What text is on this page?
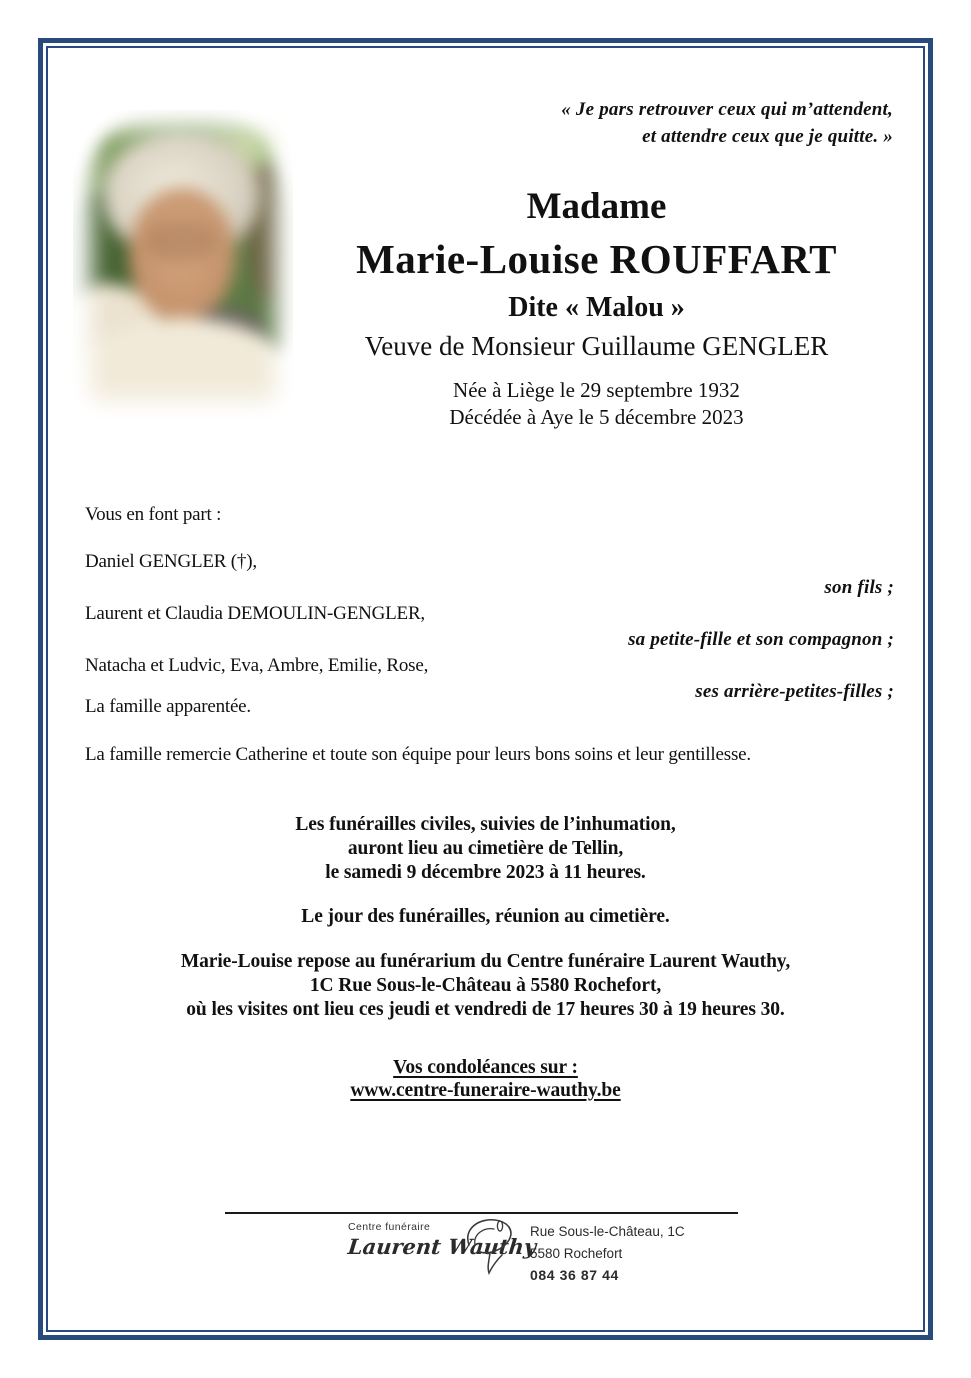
« Je pars retrouver ceux qui m’attendent,
et attendre ceux que je quitte. »
Madame
Marie-Louise ROUFFART
Dite « Malou »
Veuve de Monsieur Guillaume GENGLER
Née à Liège le 29 septembre 1932
Décédée à Aye le 5 décembre 2023
Vous en font part :
Daniel GENGLER (†),
son fils ;
Laurent et Claudia DEMOULIN-GENGLER,
sa petite-fille et son compagnon ;
Natacha et Ludvic, Eva, Ambre, Emilie, Rose,
ses arrière-petites-filles ;
La famille apparentée.
La famille remercie Catherine et toute son équipe pour leurs bons soins et leur gentillesse.
Les funérailles civiles, suivies de l’inhumation,
auront lieu au cimetière de Tellin,
le samedi 9 décembre 2023 à 11 heures.
Le jour des funérailles, réunion au cimetière.
Marie-Louise repose au funérarium du Centre funéraire Laurent Wauthy,
1C Rue Sous-le-Château à 5580 Rochefort,
où les visites ont lieu ces jeudi et vendredi de 17 heures 30 à 19 heures 30.
Vos condoléances sur :
www.centre-funeraire-wauthy.be
Centre funéraire
Laurent Wauthy
Rue Sous-le-Château, 1C
5580 Rochefort
084 36 87 44
